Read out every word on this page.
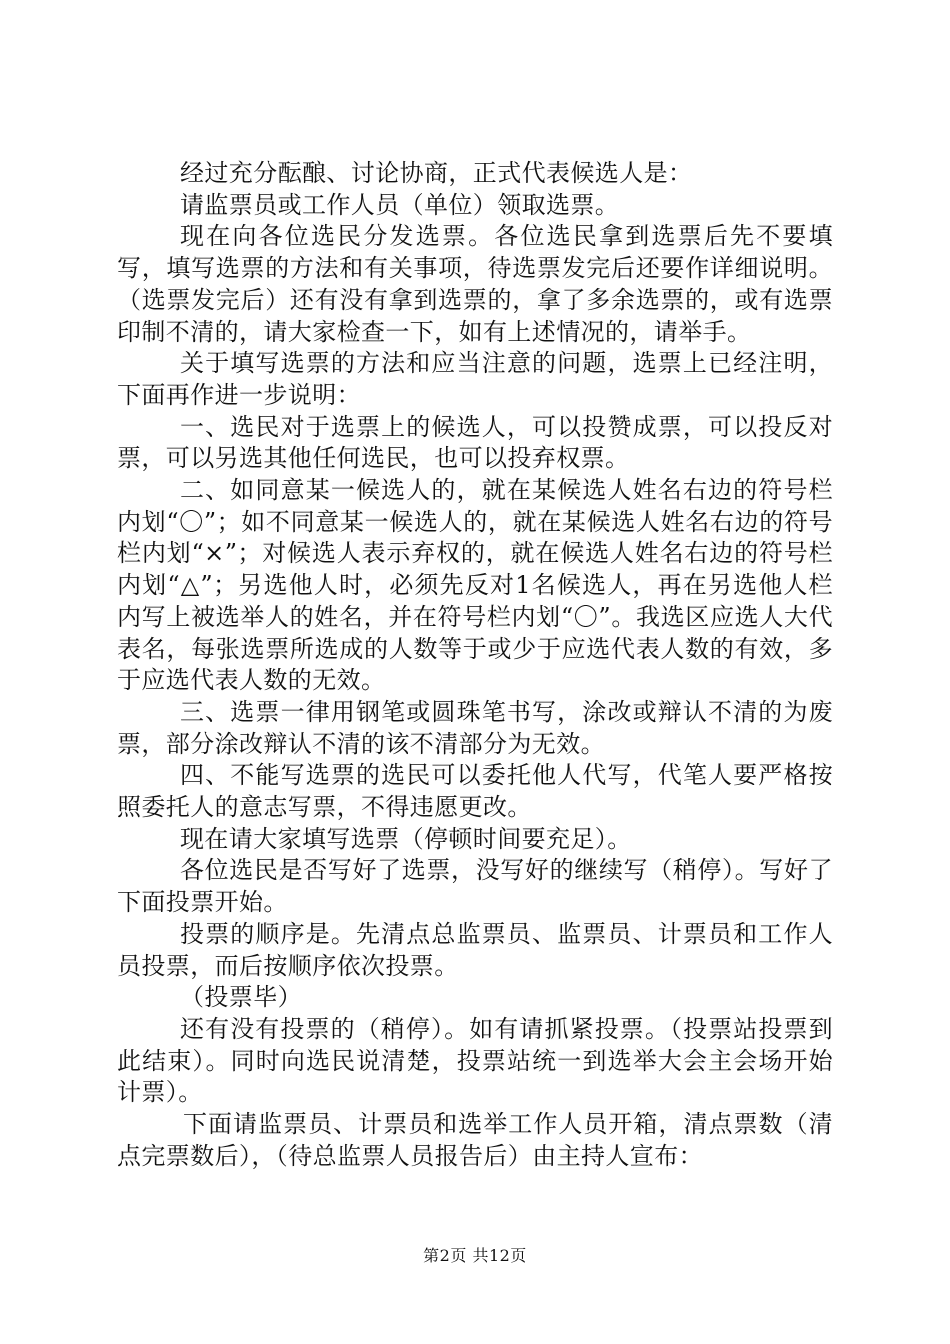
经过充分酝酿、讨论协商，正式代表候选人是：

请监票员或工作人员（单位）领取选票。

现在向各位选民分发选票。各位选民拿到选票后先不要填写，填写选票的方法和有关事项，待选票发完后还要作详细说明。（选票发完后）还有没有拿到选票的，拿了多余选票的，或有选票印制不清的，请大家检查一下，如有上述情况的，请举手。

关于填写选票的方法和应当注意的问题，选票上已经注明，下面再作进一步说明：

一、选民对于选票上的候选人，可以投赞成票，可以投反对票，可以另选其他任何选民，也可以投弃权票。

二、如同意某一候选人的，就在某候选人姓名右边的符号栏内划“〇”；如不同意某一候选人的，就在某候选人姓名右边的符号栏内划“×”；对候选人表示弃权的，就在候选人姓名右边的符号栏内划“△”；另选他人时，必须先反对1名候选人，再在另选他人栏内写上被选举人的姓名，并在符号栏内划“〇”。我选区应选人大代表名，每张选票所选成的人数等于或少于应选代表人数的有效，多于应选代表人数的无效。

三、选票一律用钢笔或圆珠笔书写，涂改或辩认不清的为废票，部分涂改辩认不清的该不清部分为无效。

四、不能写选票的选民可以委托他人代写，代笔人要严格按照委托人的意志写票，不得违愿更改。

现在请大家填写选票（停顿时间要充足）。

各位选民是否写好了选票，没写好的继续写（稍停）。写好了下面投票开始。

投票的顺序是。先清点总监票员、监票员、计票员和工作人员投票，而后按顺序依次投票。

（投票毕）

还有没有投票的（稍停）。如有请抓紧投票。（投票站投票到此结束）。同时向选民说清楚，投票站统一到选举大会主会场开始计票）。

下面请监票员、计票员和选举工作人员开箱，清点票数（清点完票数后），（待总监票人员报告后）由主持人宣布：

第2页 共12页
